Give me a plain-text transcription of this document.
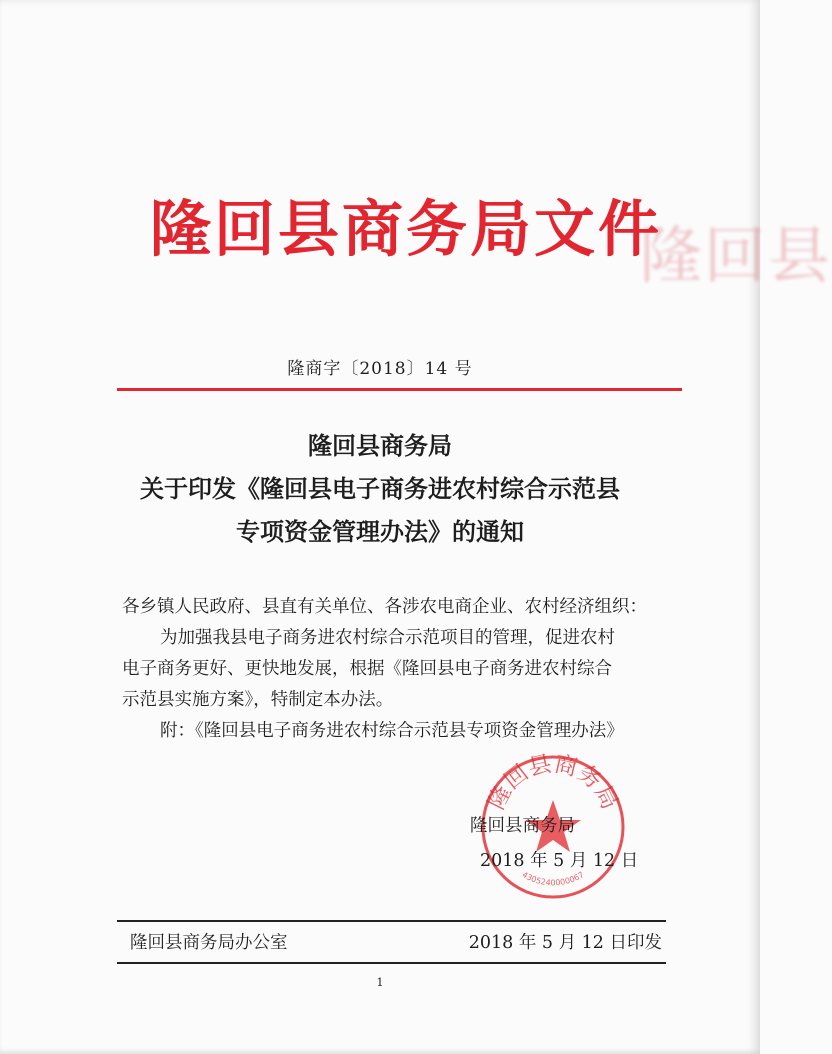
隆回县
隆回县商务局文件
隆商字〔2018〕14 号
隆回县商务局
关于印发《隆回县电子商务进农村综合示范县
专项资金管理办法》的通知
各乡镇人民政府、县直有关单位、各涉农电商企业、农村经济组织：
为加强我县电子商务进农村综合示范项目的管理，促进农村
电子商务更好、更快地发展，根据《隆回县电子商务进农村综合
示范县实施方案》，特制定本办法。
附：《隆回县电子商务进农村综合示范县专项资金管理办法》
隆回县商务局
4305240000067
隆回县商务局
2018 年 5 月 12 日
隆回县商务局办公室	2018 年 5 月 12 日印发
1
